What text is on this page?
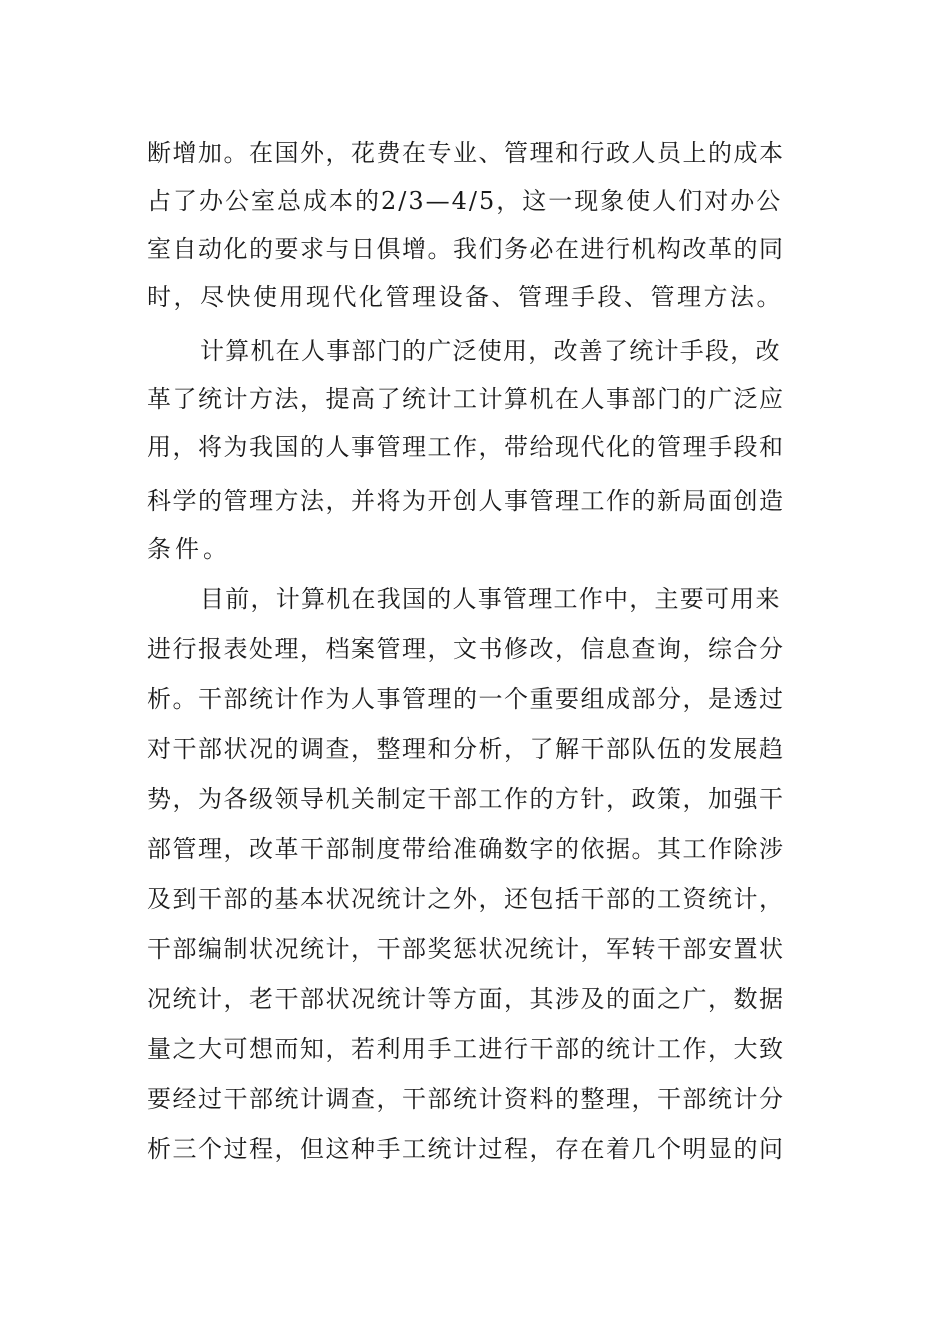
断增加。在国外，花费在专业、管理和行政人员上的成本
占了办公室总成本的2/3—4/5，这一现象使人们对办公
室自动化的要求与日俱增。我们务必在进行机构改革的同
时，尽快使用现代化管理设备、管理手段、管理方法。
计算机在人事部门的广泛使用，改善了统计手段，改
革了统计方法，提高了统计工计算机在人事部门的广泛应
用，将为我国的人事管理工作，带给现代化的管理手段和
科学的管理方法，并将为开创人事管理工作的新局面创造
条件。
目前，计算机在我国的人事管理工作中，主要可用来
进行报表处理，档案管理，文书修改，信息查询，综合分
析。干部统计作为人事管理的一个重要组成部分，是透过
对干部状况的调查，整理和分析，了解干部队伍的发展趋
势，为各级领导机关制定干部工作的方针，政策，加强干
部管理，改革干部制度带给准确数字的依据。其工作除涉
及到干部的基本状况统计之外，还包括干部的工资统计，
干部编制状况统计，干部奖惩状况统计，军转干部安置状
况统计，老干部状况统计等方面，其涉及的面之广，数据
量之大可想而知，若利用手工进行干部的统计工作，大致
要经过干部统计调查，干部统计资料的整理，干部统计分
析三个过程，但这种手工统计过程，存在着几个明显的问
